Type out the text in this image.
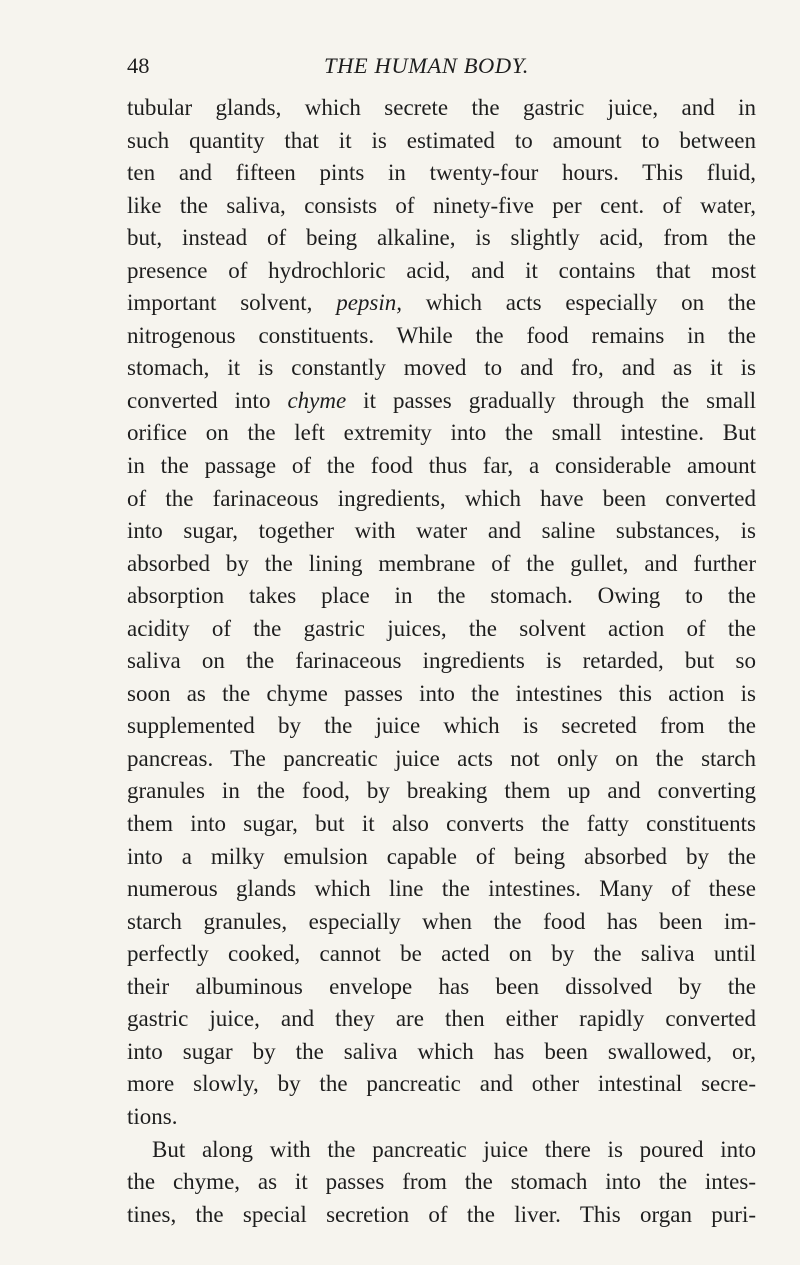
48	THE HUMAN BODY.
tubular glands, which secrete the gastric juice, and in
such quantity that it is estimated to amount to between
ten and fifteen pints in twenty-four hours. This fluid,
like the saliva, consists of ninety-five per cent. of water,
but, instead of being alkaline, is slightly acid, from the
presence of hydrochloric acid, and it contains that most
important solvent, pepsin, which acts especially on the
nitrogenous constituents. While the food remains in the
stomach, it is constantly moved to and fro, and as it is
converted into chyme it passes gradually through the small
orifice on the left extremity into the small intestine. But
in the passage of the food thus far, a considerable amount
of the farinaceous ingredients, which have been converted
into sugar, together with water and saline substances, is
absorbed by the lining membrane of the gullet, and further
absorption takes place in the stomach. Owing to the
acidity of the gastric juices, the solvent action of the
saliva on the farinaceous ingredients is retarded, but so
soon as the chyme passes into the intestines this action is
supplemented by the juice which is secreted from the
pancreas. The pancreatic juice acts not only on the starch
granules in the food, by breaking them up and converting
them into sugar, but it also converts the fatty constituents
into a milky emulsion capable of being absorbed by the
numerous glands which line the intestines. Many of these
starch granules, especially when the food has been im-
perfectly cooked, cannot be acted on by the saliva until
their albuminous envelope has been dissolved by the
gastric juice, and they are then either rapidly converted
into sugar by the saliva which has been swallowed, or,
more slowly, by the pancreatic and other intestinal secre-
tions.
But along with the pancreatic juice there is poured into
the chyme, as it passes from the stomach into the intes-
tines, the special secretion of the liver. This organ puri-
